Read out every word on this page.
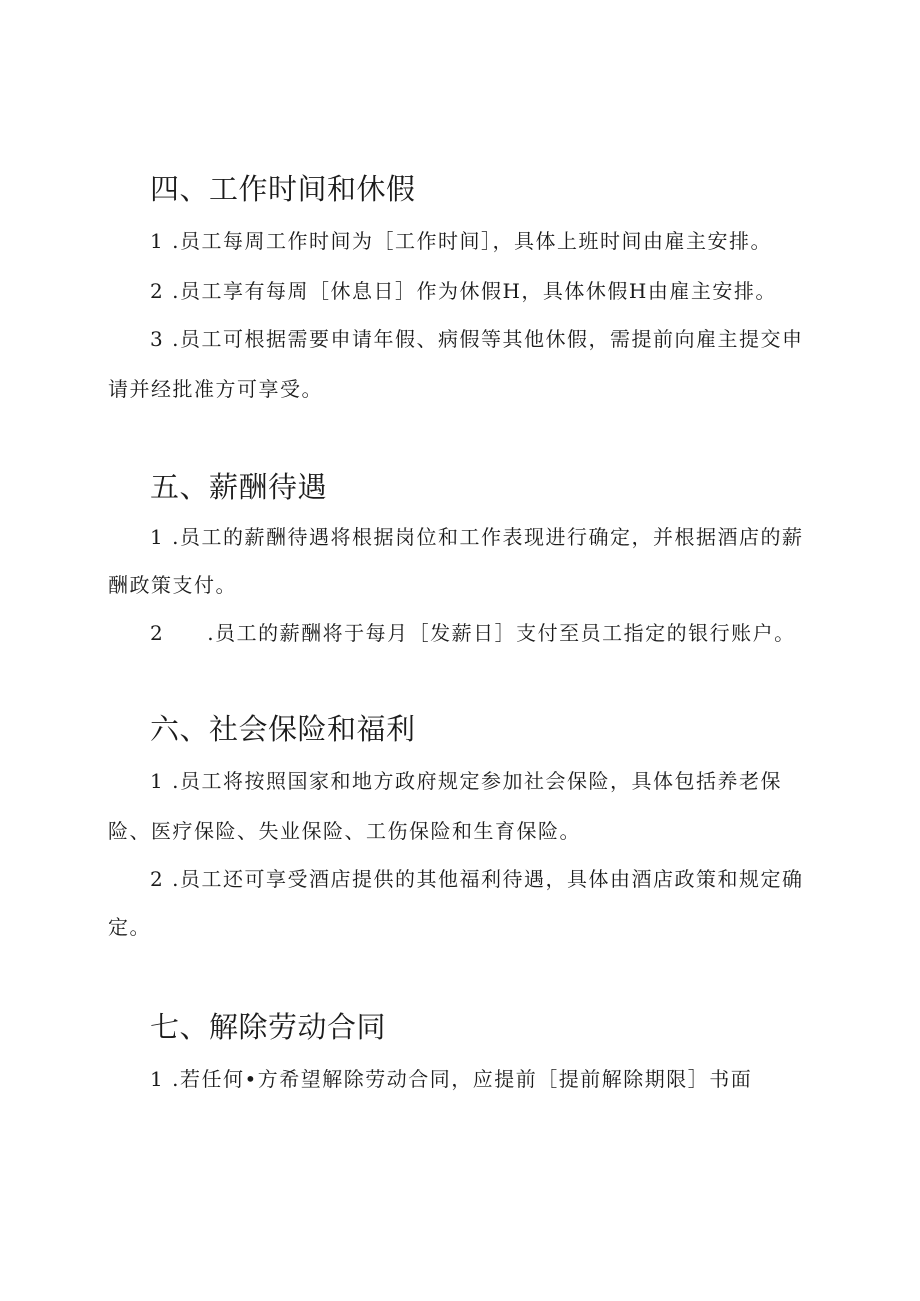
四、工作时间和休假

1 .员工每周工作时间为［工作时间］，具体上班时间由雇主安排。

2 .员工享有每周［休息日］作为休假H，具体休假H由雇主安排。

3 .员工可根据需要申请年假、病假等其他休假，需提前向雇主提交申

请并经批准方可享受。

五、薪酬待遇

1 .员工的薪酬待遇将根据岗位和工作表现进行确定，并根据酒店的薪

酬政策支付。

2　　.员工的薪酬将于每月［发薪日］支付至员工指定的银行账户。

六、社会保险和福利

1 .员工将按照国家和地方政府规定参加社会保险，具体包括养老保

险、医疗保险、失业保险、工伤保险和生育保险。

2 .员工还可享受酒店提供的其他福利待遇，具体由酒店政策和规定确

定。

七、解除劳动合同

1 .若任何•方希望解除劳动合同，应提前［提前解除期限］书面
